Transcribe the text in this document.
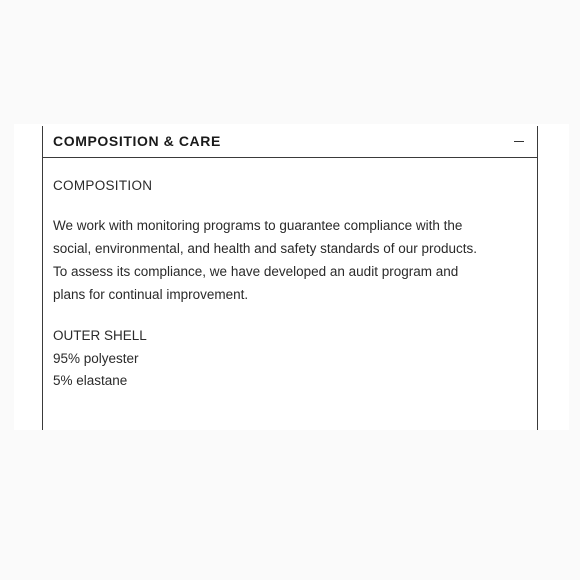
COMPOSITION & CARE
COMPOSITION

We work with monitoring programs to guarantee compliance with the
social, environmental, and health and safety standards of our products.
To assess its compliance, we have developed an audit program and
plans for continual improvement.

OUTER SHELL
95% polyester
5% elastane
